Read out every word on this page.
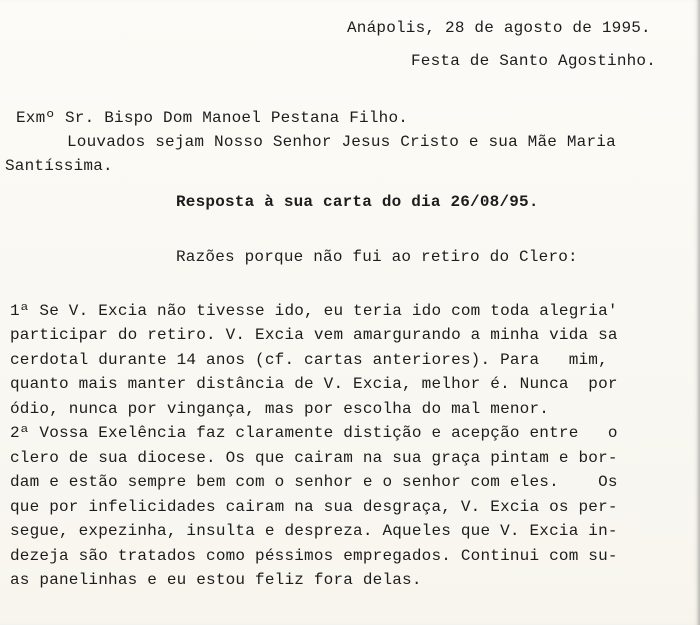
Anápolis, 28 de agosto de 1995.
Festa de Santo Agostinho.
Exmº Sr. Bispo Dom Manoel Pestana Filho.
Louvados sejam Nosso Senhor Jesus Cristo e sua Mãe Maria
Santíssima.
Resposta à sua carta do dia 26/08/95.
Razões porque não fui ao retiro do Clero:
1ª Se V. Excia não tivesse ido, eu teria ido com toda alegria'
participar do retiro. V. Excia vem amargurando a minha vida sa
cerdotal durante 14 anos (cf. cartas anteriores). Para   mim,
quanto mais manter distância de V. Excia, melhor é. Nunca  por
ódio, nunca por vingança, mas por escolha do mal menor.
2ª Vossa Exelência faz claramente distição e acepção entre   o
clero de sua diocese. Os que cairam na sua graça pintam e bor-
dam e estão sempre bem com o senhor e o senhor com eles.    Os
que por infelicidades cairam na sua desgraça, V. Excia os per-
segue, expezinha, insulta e despreza. Aqueles que V. Excia in-
dezeja são tratados como péssimos empregados. Continui com su-
as panelinhas e eu estou feliz fora delas.
